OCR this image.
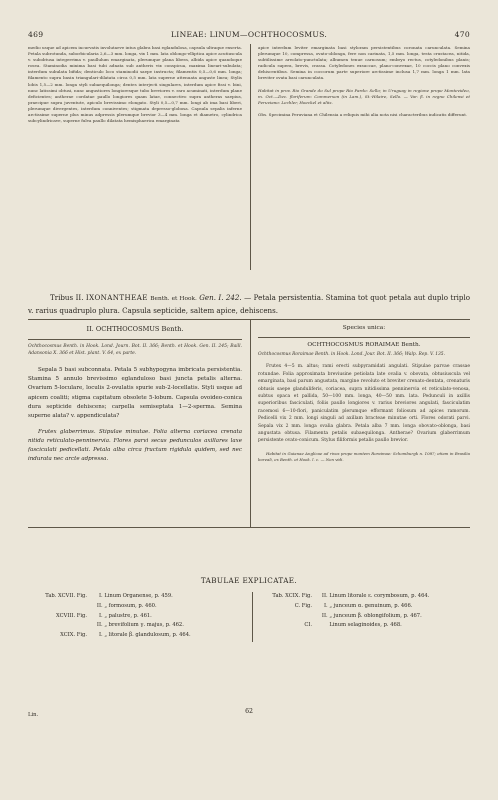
469	LINEAE: LINUM—OCHTHOCOSMUS.	470
medio usque ad apicem incurvatis involutaeve intus glabra basi eglandulosa, capsula ultraque exserta. Petala subrotunda, suborbicularia 2,6—3 mm. longa, vix 1 mm. lata oblongo-elliptica apice acutiuscula v. subobtusa integerrima v. paullulum emarginata, plerumque plana libera, albida apice quandoque rosea. Staminodia minima basi tubi adnata sub antheris vix conspicua, maxima lineari-subulata; interdum subulata bifida; denticulo loco staminodii saepe instructa; filamentis 0,5—0,6 mm. longa; filamento supra basin triangulari-dilatata circa 0,5 mm. lata superne attenuata anguste linea; Stylis lobis 1,5—2 mm. longa styli subaequilonga; dentes interjecti singulares, interdum apice fissi v. bini, nunc latissimi obtusi, nunc angustiores longioresque tubo breviores v. raro acuminati, interdum plane deficientes; antherae cordatae paullo longiores quam latae, connectivo supra antheras saepius, praecipue supra juventute, apiculo brevissimo elongato. Styli 0,5—0,7 mm. longi ab ima basi liberi, plerumque divergentes, interdum conniventes; stigmata depresso-globosa. Capsula sepalis inferne arctissime superne plus minus adpressis plerumque brevior 3—4 mm. longa et diametro, cylindrica subcylindricave, superne fulva paullo dilatata hemisphaerica emarginata
apice interdum leviter emarginata basi styloram persistentibus coronata carunculata. Semina plerumque 10, compressa, ovato-oblonga, fere non carinata, 1,5 mm. longa, testa crustacea, nitida, subtilissime areolato-punctulata; albumen tenue carnosum; embryo rectus, cotyledonibus planis; radicula supera, brevis, crassa. Cotyledones exsuccae, plano-convexae, 10 coccis plano convexis dehiscentibus. Semina in coccorum parte superiore arctissime inclusa 1,7 mm. longa 1 mm. lata breviter ovata basi carunculata.
Habitat in prov. Rio Grande do Sul prope Rio Pardo: Sello; in Uruguay in regione prope Montevideo, m. Oct.—Dec. floriferum: Commerson (in Lam.), St.-Hilaire, Sello. — Var. β. in regno Chilensi et Peruviano: Lechler, Hoeckel et aliis.
Obs. Specimina Peruviana et Chilensia a reliquis mihi alia nota nisi characteribus indicatis differunt.
Tribus II. IXONANTHEAE Benth. et Hook. Gen. I. 242. — Petala persistentia. Stamina tot quot petala aut duplo triplo v. rarius quadruplo plura. Capsula septicide, saltem apice, dehiscens.
II. OCHTHOCOSMUS Benth.
Ochthocosmus Benth. in Hook. Lond. Journ. Bot. II. 366; Benth. et Hook. Gen. II. 245; Baill. Adansonia X. 366 et Hist. plant. V. 64, ex parte.
Sepala 5 basi subconnata. Petala 5 subhypogyna imbricata persistentia. Stamina 5 annulo brevissimo eglanduloso basi juncta petalis alterna. Ovarium 5-loculare, loculis 2-ovulatis spurie sub-2-locellatis. Styli usque ad apicem coaliti; stigma capitatum obsolete 5-lobum. Capsula ovoideo-conica dura septicide dehiscens; carpella semiseptata 1—2-sperma. Semina superne alata? v. appendiculata?
Frutex glaberrimus. Stipulae minutae. Folia alterna coriacea crenata nitida reticulato-penninervia. Flores parvi secus pedunculos axillares laxe fasciculati pedicellati. Petala alba circa fructum rigidula quidem, sed nec indurata nec arcte adpressa.
Species unica:
OCHTHOCOSMUS RORAIMAE Benth.
Ochthocosmus Roraimae Benth. in Hook. Lond. Jour. Bot. II. 366; Walp. Rep. V. 135.
Frutex 4—5 m. altus; rami erecti subpyramidati angulati. Stipulae parvae crassae rotundae. Folia approximata breviusine petiolata late ovalia v. obovata, obtusiuscula vel emarginata, basi parum angustata, margine revoluto et breviter crenato-dentata, crenaturis obtusis saepe glanduliferis, coriacea, supra nitidissima penninervia et reticulato-venosa, subtus opaca et pallida, 50—100 mm. longa, 40—50 mm. lata. Pedunculi in axillis superioribus fasciculati, foliis paullo longiores v. rarius breviores angulati, fasciculatim racemosi 6—10-flori, paniculatim plerumque efformant foliosum ad apices ramorum. Pedicelli vix 2 mm. longi singuli ad axillam bracteae minutae orti. Flores odorati parvi. Sepala vix 2 mm. longa ovalia glabra. Petala alba 7 mm. longa obovato-oblonga, basi angustata obtusa. Filamenta petalis subaequilonga. Antherae? Ovarium glaberrimum persistente ovato-conicum. Stylus filiformis petalis paullo brevior.
Habitat in Guianae Anglicae ad rivos prope montem Roraimae: Schomburgk n. 1087; etiam in Brasilia boreali, ex Benth. et Hook. l. c. — Non vidi.
TABULAE EXPLICATAE.
Tab. XCVII. Fig. I. Linum Organense, p. 459.
II. „ formosum, p. 460.
XCVIII. Fig. I. „ palustre, p. 461.
II. „ brevifolium γ. majus, p. 462.
XCIX. Fig. I. „ litorale β. glandulosum, p. 464.
Tab. XCIX. Fig. II. Linum litorale ε. corymbosum, p. 464.
C. Fig. I. „ junceum α. genuinum, p. 466.
II. „ junceum β. oblongifolium, p. 467.
CI.	Linum selaginoides, p. 468.
Lin.	62
